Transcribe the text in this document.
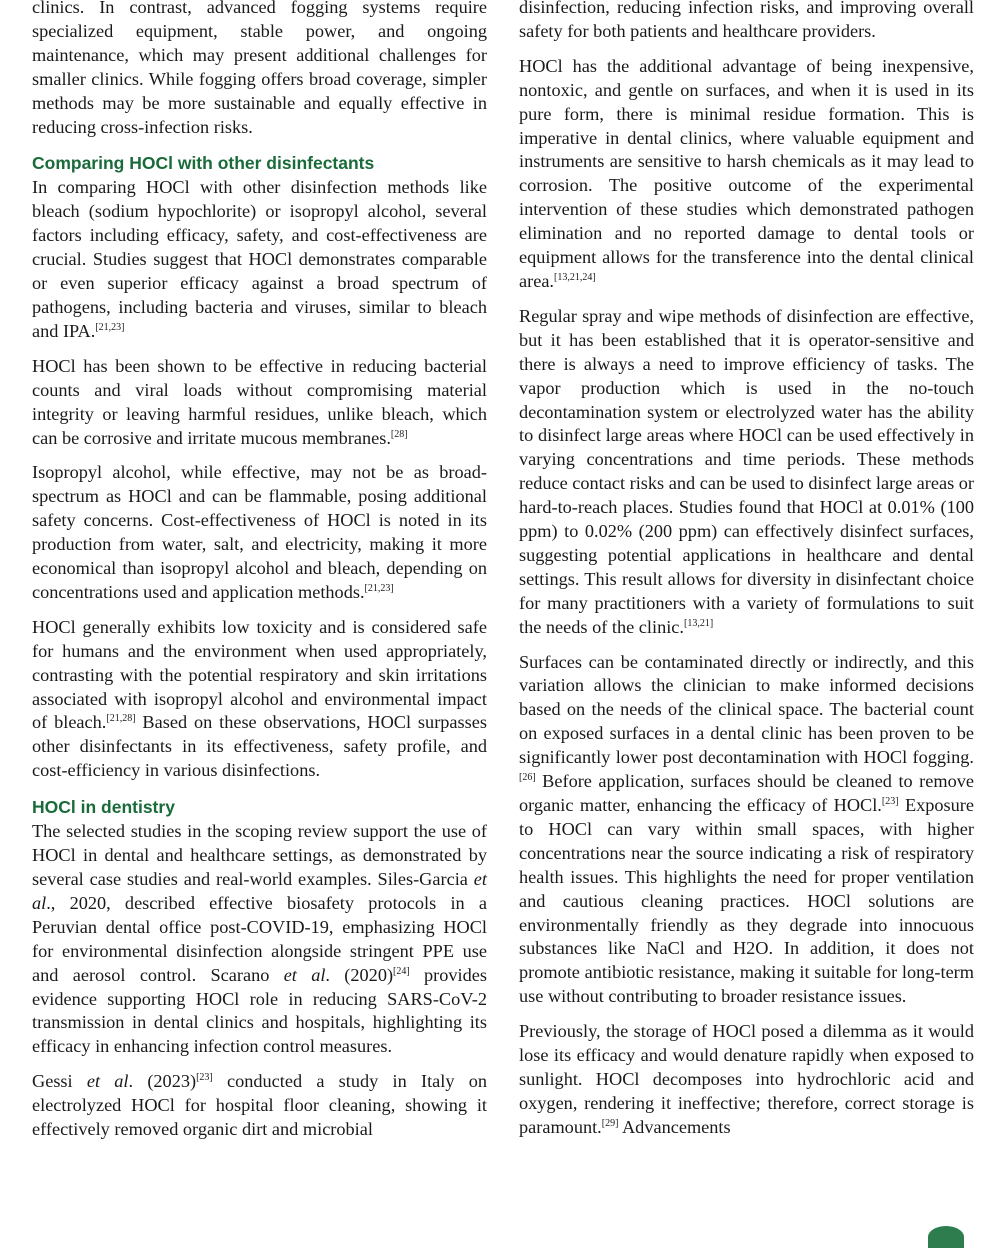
clinics. In contrast, advanced fogging systems require specialized equipment, stable power, and ongoing maintenance, which may present additional challenges for smaller clinics. While fogging offers broad coverage, simpler methods may be more sustainable and equally effective in reducing cross-infection risks.

Comparing HOCl with other disinfectants

In comparing HOCl with other disinfection methods like bleach (sodium hypochlorite) or isopropyl alcohol, several factors including efficacy, safety, and cost-effectiveness are crucial. Studies suggest that HOCl demonstrates comparable or even superior efficacy against a broad spectrum of pathogens, including bacteria and viruses, similar to bleach and IPA.[21,23]

HOCl has been shown to be effective in reducing bacterial counts and viral loads without compromising material integrity or leaving harmful residues, unlike bleach, which can be corrosive and irritate mucous membranes.[28]

Isopropyl alcohol, while effective, may not be as broad-spectrum as HOCl and can be flammable, posing additional safety concerns. Cost-effectiveness of HOCl is noted in its production from water, salt, and electricity, making it more economical than isopropyl alcohol and bleach, depending on concentrations used and application methods.[21,23]

HOCl generally exhibits low toxicity and is considered safe for humans and the environment when used appropriately, contrasting with the potential respiratory and skin irritations associated with isopropyl alcohol and environmental impact of bleach.[21,28] Based on these observations, HOCl surpasses other disinfectants in its effectiveness, safety profile, and cost-efficiency in various disinfections.

HOCl in dentistry

The selected studies in the scoping review support the use of HOCl in dental and healthcare settings, as demonstrated by several case studies and real-world examples. Siles-Garcia et al., 2020, described effective biosafety protocols in a Peruvian dental office post-COVID-19, emphasizing HOCl for environmental disinfection alongside stringent PPE use and aerosol control. Scarano et al. (2020)[24] provides evidence supporting HOCl role in reducing SARS-CoV-2 transmission in dental clinics and hospitals, highlighting its efficacy in enhancing infection control measures.

Gessi et al. (2023)[23] conducted a study in Italy on electrolyzed HOCl for hospital floor cleaning, showing it effectively removed organic dirt and microbial

disinfection, reducing infection risks, and improving overall safety for both patients and healthcare providers.

HOCl has the additional advantage of being inexpensive, nontoxic, and gentle on surfaces, and when it is used in its pure form, there is minimal residue formation. This is imperative in dental clinics, where valuable equipment and instruments are sensitive to harsh chemicals as it may lead to corrosion. The positive outcome of the experimental intervention of these studies which demonstrated pathogen elimination and no reported damage to dental tools or equipment allows for the transference into the dental clinical area.[13,21,24]

Regular spray and wipe methods of disinfection are effective, but it has been established that it is operator-sensitive and there is always a need to improve efficiency of tasks. The vapor production which is used in the no-touch decontamination system or electrolyzed water has the ability to disinfect large areas where HOCl can be used effectively in varying concentrations and time periods. These methods reduce contact risks and can be used to disinfect large areas or hard-to-reach places. Studies found that HOCl at 0.01% (100 ppm) to 0.02% (200 ppm) can effectively disinfect surfaces, suggesting potential applications in healthcare and dental settings. This result allows for diversity in disinfectant choice for many practitioners with a variety of formulations to suit the needs of the clinic.[13,21]

Surfaces can be contaminated directly or indirectly, and this variation allows the clinician to make informed decisions based on the needs of the clinical space. The bacterial count on exposed surfaces in a dental clinic has been proven to be significantly lower post decontamination with HOCl fogging.[26] Before application, surfaces should be cleaned to remove organic matter, enhancing the efficacy of HOCl.[23] Exposure to HOCl can vary within small spaces, with higher concentrations near the source indicating a risk of respiratory health issues. This highlights the need for proper ventilation and cautious cleaning practices. HOCl solutions are environmentally friendly as they degrade into innocuous substances like NaCl and H2O. In addition, it does not promote antibiotic resistance, making it suitable for long-term use without contributing to broader resistance issues.

Previously, the storage of HOCl posed a dilemma as it would lose its efficacy and would denature rapidly when exposed to sunlight. HOCl decomposes into hydrochloric acid and oxygen, rendering it ineffective; therefore, correct storage is paramount.[29] Advancements
